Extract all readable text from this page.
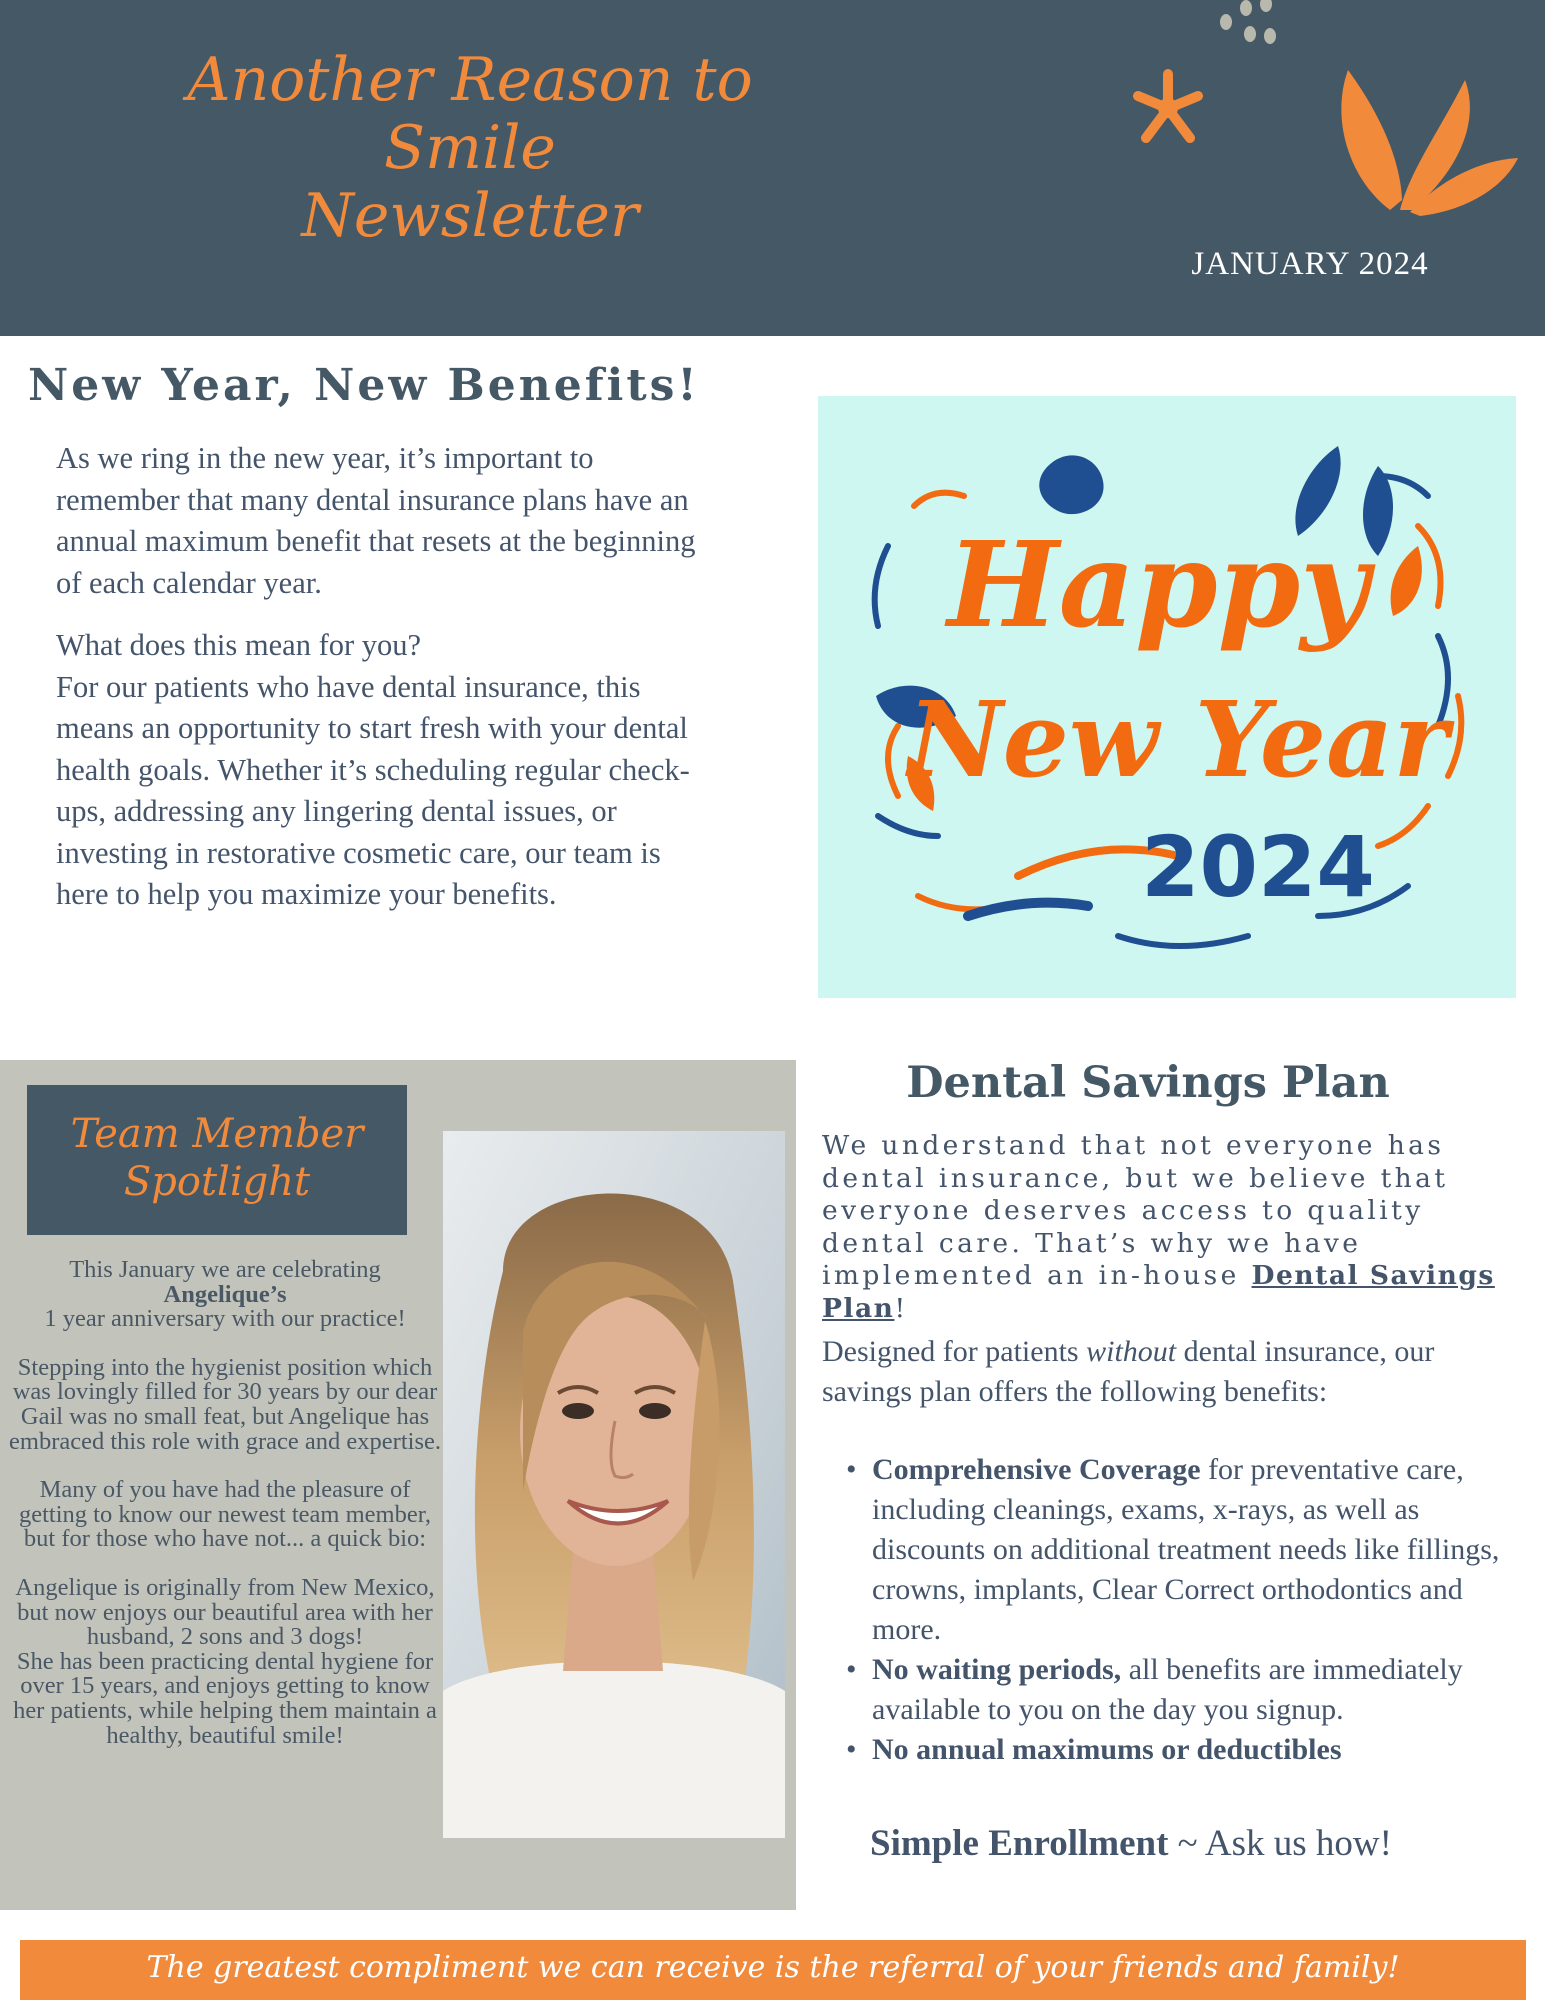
Another Reason to
Smile
Newsletter
JANUARY 2024
New Year, New Benefits!

As we ring in the new year, it’s important to remember that many dental insurance plans have an annual maximum benefit that resets at the beginning of each calendar year.

What does this mean for you?
For our patients who have dental insurance, this means an opportunity to start fresh with your dental health goals. Whether it’s scheduling regular check-ups, addressing any lingering dental issues, or investing in restorative cosmetic care, our team is here to help you maximize your benefits.

Happy
New Year
2024
Team Member
Spotlight

This January we are celebrating
Angelique’s
1 year anniversary with our practice!

Stepping into the hygienist position which was lovingly filled for 30 years by our dear Gail was no small feat, but Angelique has embraced this role with grace and expertise.

Many of you have had the pleasure of getting to know our newest team member, but for those who have not... a quick bio:

Angelique is originally from New Mexico, but now enjoys our beautiful area with her husband, 2 sons and 3 dogs!
She has been practicing dental hygiene for over 15 years, and enjoys getting to know her patients, while helping them maintain a healthy, beautiful smile!

Dental Savings Plan
We understand that not everyone has dental insurance, but we believe that everyone deserves access to quality dental care. That’s why we have implemented an in-house Dental Savings Plan!
Designed for patients without dental insurance, our savings plan offers the following benefits:
• Comprehensive Coverage for preventative care, including cleanings, exams, x-rays, as well as discounts on additional treatment needs like fillings, crowns, implants, Clear Correct orthodontics and more.
• No waiting periods, all benefits are immediately available to you on the day you signup.
• No annual maximums or deductibles
Simple Enrollment ~ Ask us how!
The greatest compliment we can receive is the referral of your friends and family!
